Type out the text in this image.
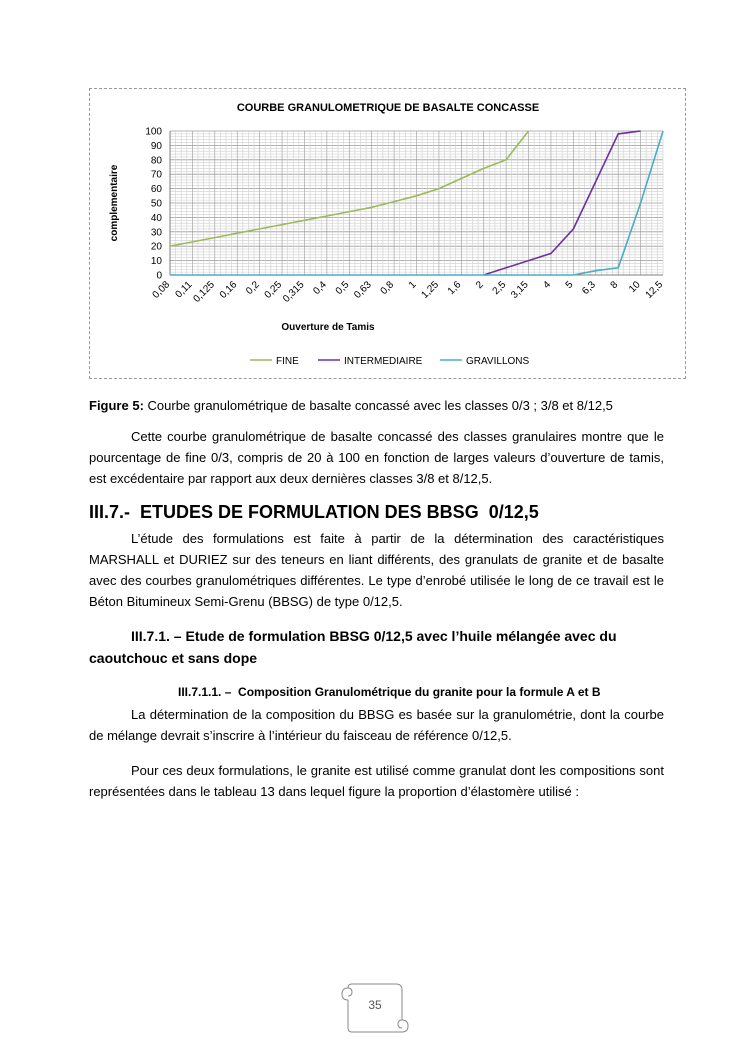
COURBE GRANULOMETRIQUE DE BASALTE CONCASSE
0
10
20
30
40
50
60
70
80
90
100
0,08 0,11
0,125 0,16 0,2 0,25
0,315 0,4 0,5 0,63 0,8 1 1,25 1,6 2 2,5 3,15 4 5 6,3 8 10 12,5
Ouverture de Tamis
complementaire
FINE	INTERMEDIAIRE	GRAVILLONS
Figure 5: Courbe granulométrique de basalte concassé avec les classes 0/3 ; 3/8 et 8/12,5
Cette courbe granulométrique de basalte concassé des classes granulaires montre que le pourcentage de fine 0/3, compris de 20 à 100 en fonction de larges valeurs d’ouverture de tamis, est excédentaire par rapport aux deux dernières classes 3/8 et 8/12,5.
III.7.-  ETUDES DE FORMULATION DES BBSG  0/12,5
L’étude des formulations est faite à partir de la détermination des caractéristiques MARSHALL et DURIEZ sur des teneurs en liant différents, des granulats de granite et de basalte avec des courbes granulométriques différentes. Le type d’enrobé utilisée le long de ce travail est le Béton Bitumineux Semi-Grenu (BBSG) de type 0/12,5.
III.7.1. – Etude de formulation BBSG 0/12,5 avec l’huile mélangée avec du caoutchouc et sans dope
III.7.1.1. –  Composition Granulométrique du granite pour la formule A et B
La détermination de la composition du BBSG es basée sur la granulométrie, dont la courbe de mélange devrait s’inscrire à l’intérieur du faisceau de référence 0/12,5.
Pour ces deux formulations, le granite est utilisé comme granulat dont les compositions sont représentées dans le tableau 13 dans lequel figure la proportion d’élastomère utilisé :
35
